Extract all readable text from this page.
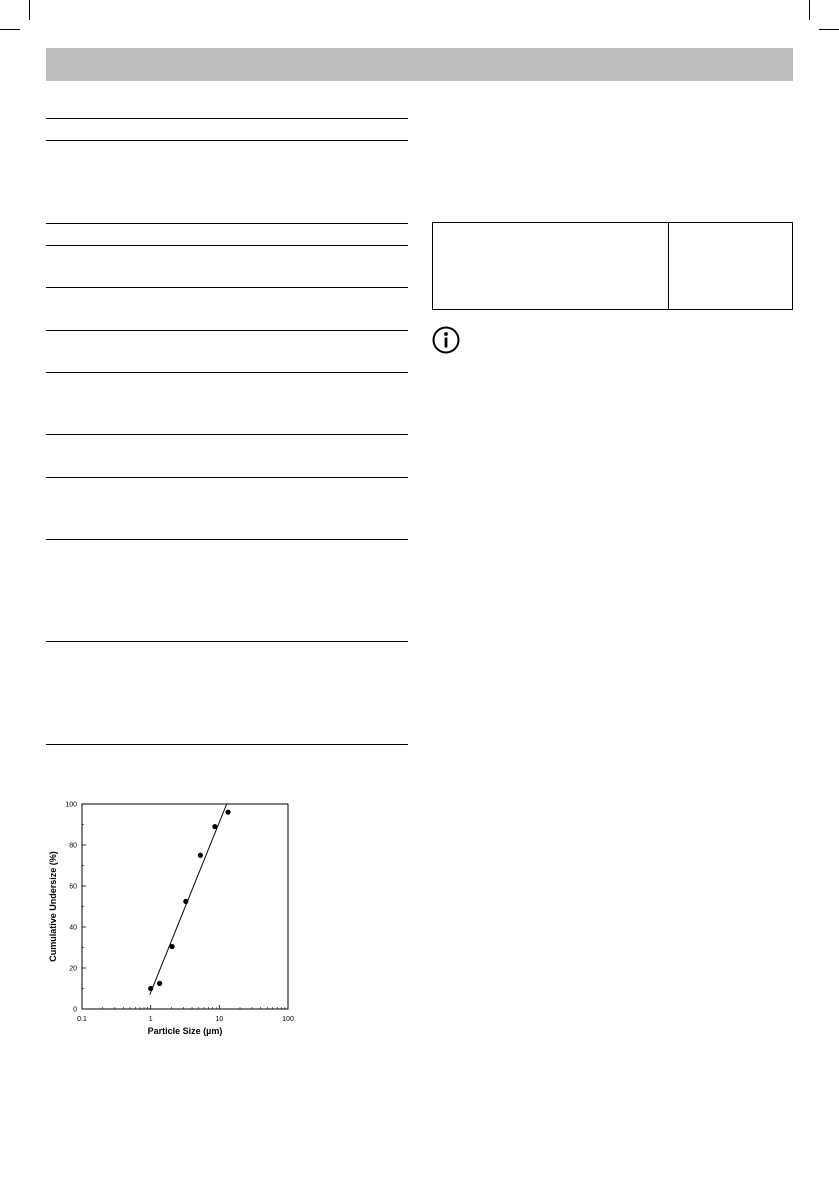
0.1	1	10	100
0
20
40
60
80
100
Particle Size (µm)
Cumulative Undersize (%)
